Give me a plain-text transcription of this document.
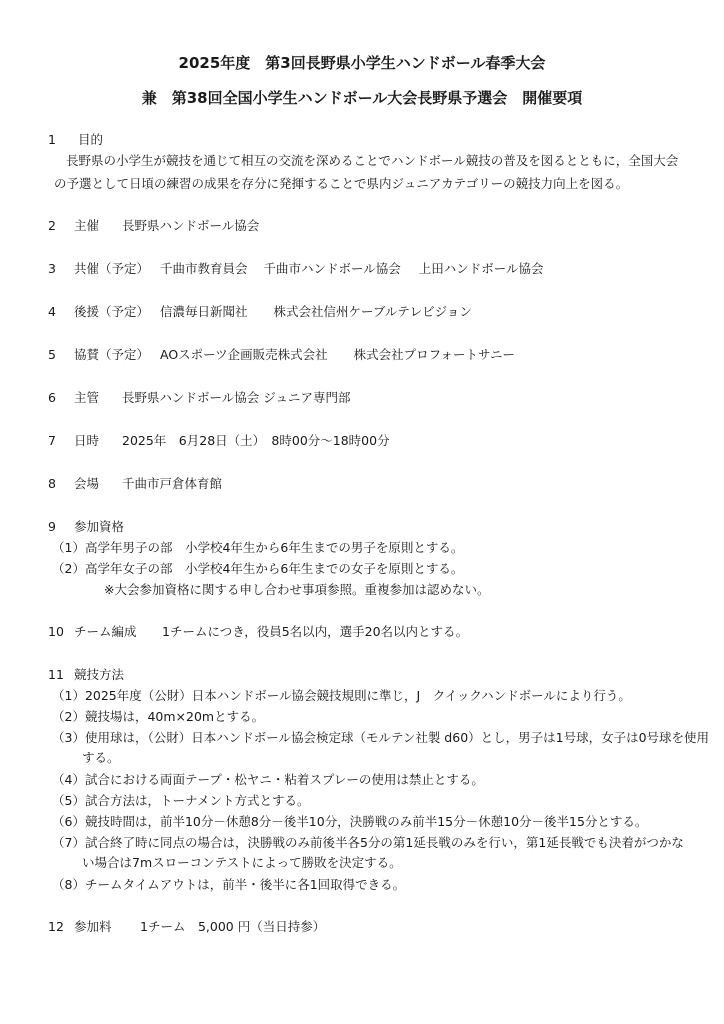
2025年度　第3回長野県小学生ハンドボール春季大会
兼　第38回全国小学生ハンドボール大会長野県予選会　開催要項
1 目的
長野県の小学生が競技を通じて相互の交流を深めることでハンドボール競技の普及を図るとともに，全国大会
の予選として日頃の練習の成果を存分に発揮することで県内ジュニアカテゴリーの競技力向上を図る。
2 主催 長野県ハンドボール協会
3 共催（予定） 千曲市教育員会 千曲市ハンドボール協会 上田ハンドボール協会
4 後援（予定） 信濃毎日新聞社 株式会社信州ケーブルテレビジョン
5 協賛（予定） AOスポーツ企画販売株式会社 株式会社プロフォートサニー
6 主管 長野県ハンドボール協会 ジュニア専門部
7 日時 2025年　6月28日（土）　8時00分～18時00分
8 会場 千曲市戸倉体育館
9 参加資格
（1）高学年男子の部　小学校4年生から6年生までの男子を原則とする。
（2）高学年女子の部　小学校4年生から6年生までの女子を原則とする。
※大会参加資格に関する申し合わせ事項参照。重複参加は認めない。
10 チーム編成 1チームにつき，役員5名以内，選手20名以内とする。
11 競技方法
（1）2025年度（公財）日本ハンドボール協会競技規則に準じ，J　クイックハンドボールにより行う。
（2）競技場は，40m×20mとする。
（3）使用球は，（公財）日本ハンドボール協会検定球（モルテン社製 d60）とし，男子は1号球，女子は0号球を使用
する。
（4）試合における両面テープ・松ヤニ・粘着スプレーの使用は禁止とする。
（5）試合方法は，トーナメント方式とする。
（6）競技時間は，前半10分－休憩8分－後半10分，決勝戦のみ前半15分－休憩10分－後半15分とする。
（7）試合終了時に同点の場合は，決勝戦のみ前後半各5分の第1延長戦のみを行い，第1延長戦でも決着がつかな
い場合は7mスローコンテストによって勝敗を決定する。
（8）チームタイムアウトは，前半・後半に各1回取得できる。
12 参加料 1チーム　5,000 円（当日持参）
